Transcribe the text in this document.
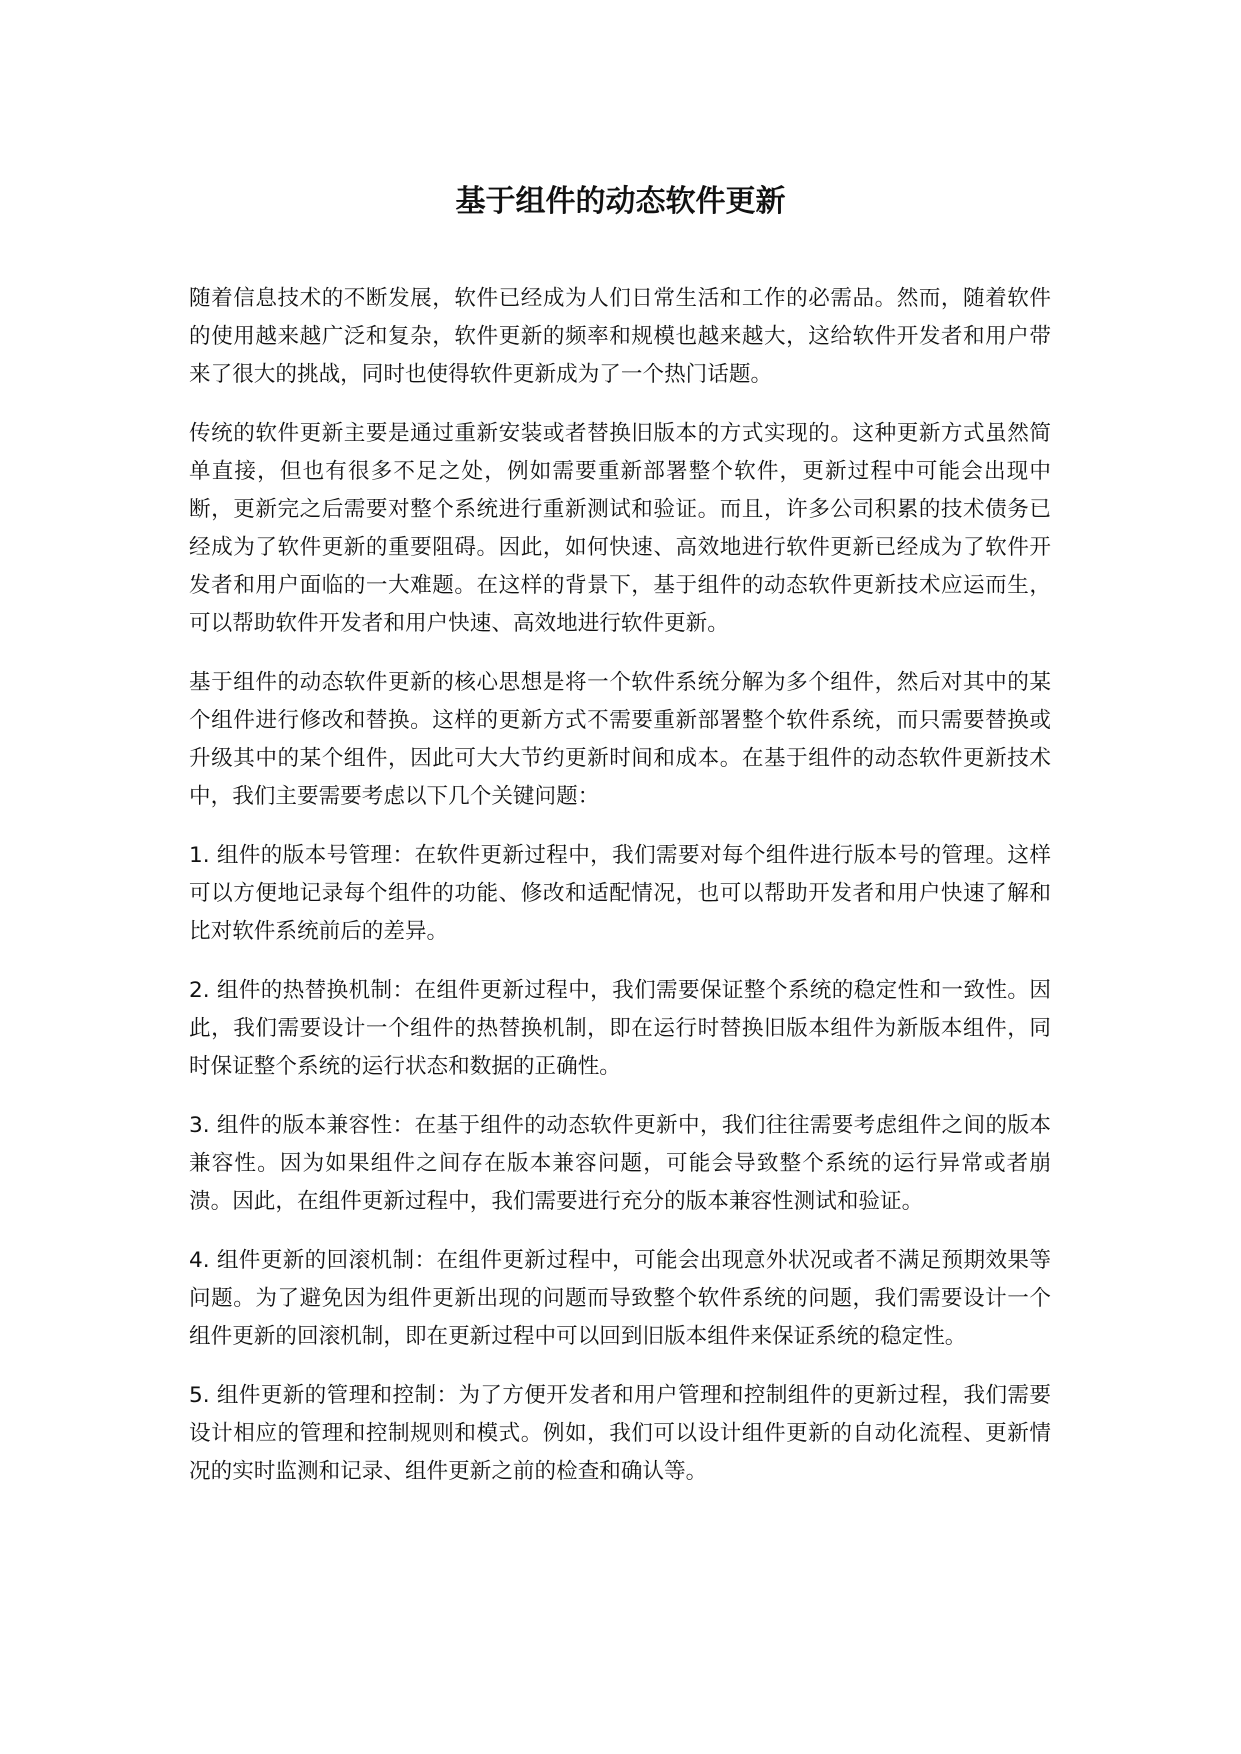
基于组件的动态软件更新

随着信息技术的不断发展，软件已经成为人们日常生活和工作的必需品。然而，随着软件的使用越来越广泛和复杂，软件更新的频率和规模也越来越大，这给软件开发者和用户带来了很大的挑战，同时也使得软件更新成为了一个热门话题。

传统的软件更新主要是通过重新安装或者替换旧版本的方式实现的。这种更新方式虽然简单直接，但也有很多不足之处，例如需要重新部署整个软件，更新过程中可能会出现中断，更新完之后需要对整个系统进行重新测试和验证。而且，许多公司积累的技术债务已经成为了软件更新的重要阻碍。因此，如何快速、高效地进行软件更新已经成为了软件开发者和用户面临的一大难题。在这样的背景下，基于组件的动态软件更新技术应运而生，可以帮助软件开发者和用户快速、高效地进行软件更新。

基于组件的动态软件更新的核心思想是将一个软件系统分解为多个组件，然后对其中的某个组件进行修改和替换。这样的更新方式不需要重新部署整个软件系统，而只需要替换或升级其中的某个组件，因此可大大节约更新时间和成本。在基于组件的动态软件更新技术中，我们主要需要考虑以下几个关键问题：

1. 组件的版本号管理：在软件更新过程中，我们需要对每个组件进行版本号的管理。这样可以方便地记录每个组件的功能、修改和适配情况，也可以帮助开发者和用户快速了解和比对软件系统前后的差异。

2. 组件的热替换机制：在组件更新过程中，我们需要保证整个系统的稳定性和一致性。因此，我们需要设计一个组件的热替换机制，即在运行时替换旧版本组件为新版本组件，同时保证整个系统的运行状态和数据的正确性。

3. 组件的版本兼容性：在基于组件的动态软件更新中，我们往往需要考虑组件之间的版本兼容性。因为如果组件之间存在版本兼容问题，可能会导致整个系统的运行异常或者崩溃。因此，在组件更新过程中，我们需要进行充分的版本兼容性测试和验证。

4. 组件更新的回滚机制：在组件更新过程中，可能会出现意外状况或者不满足预期效果等问题。为了避免因为组件更新出现的问题而导致整个软件系统的问题，我们需要设计一个组件更新的回滚机制，即在更新过程中可以回到旧版本组件来保证系统的稳定性。

5. 组件更新的管理和控制：为了方便开发者和用户管理和控制组件的更新过程，我们需要设计相应的管理和控制规则和模式。例如，我们可以设计组件更新的自动化流程、更新情况的实时监测和记录、组件更新之前的检查和确认等。
